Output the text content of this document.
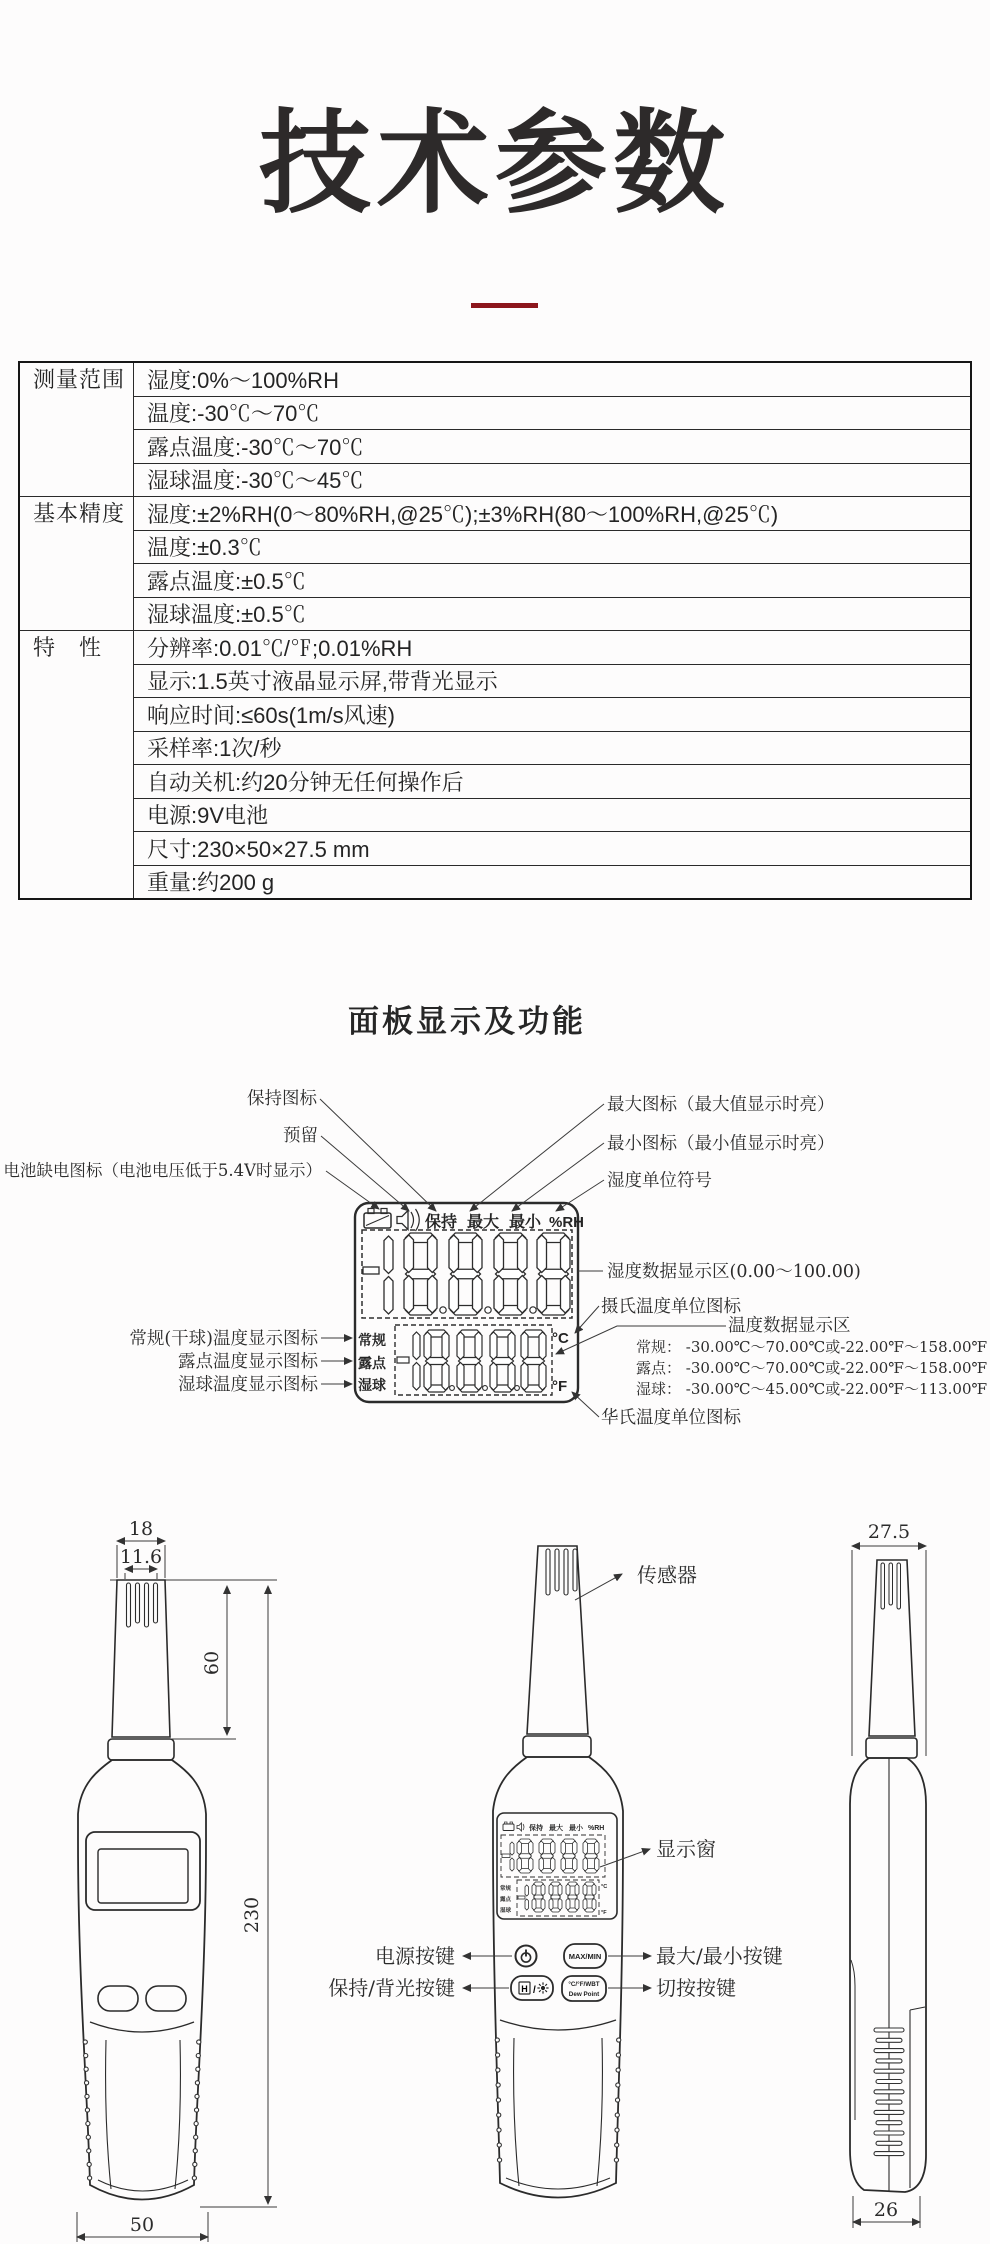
技术参数
测量范围	湿度:0%～100%RH
	温度:-30℃～70℃
	露点温度:-30℃～70℃
	湿球温度:-30℃～45℃
基本精度	湿度:±2%RH(0～80%RH,@25℃);±3%RH(80～100%RH,@25℃)
	温度:±0.3℃
	露点温度:±0.5℃
	湿球温度:±0.5℃
特　性	分辨率:0.01℃/℉;0.01%RH
	显示:1.5英寸液晶显示屏,带背光显示
	响应时间:≤60s(1m/s风速)
	采样率:1次/秒
	自动关机:约20分钟无任何操作后
	电源:9V电池
	尺寸:230×50×27.5 mm
	重量:约200 g
面板显示及功能
保持 最大 最小 %RH
常规
露点
湿球
°C
°F
保持图标
预留
电池缺电图标（电池电压低于5.4V时显示）
常规(干球)温度显示图标
露点温度显示图标
湿球温度显示图标
最大图标（最大值显示时亮）
最小图标（最小值显示时亮）
湿度单位符号
湿度数据显示区(0.00～100.00)
摄氏温度单位图标
温度数据显示区
常规： -30.00℃～70.00℃或-22.00℉～158.00℉
露点： -30.00℃～70.00℃或-22.00℉～158.00℉
湿球： -30.00℃～45.00℃或-22.00℉～113.00℉
华氏温度单位图标
18
11.6
60
230
50
保持 最大 最小 %RH
常规
露点
湿球
°C
°F
MAX/MIN
H /
°C/°F/WBT
Dew Point
传感器
显示窗
电源按键
保持/背光按键
最大/最小按键
切按按键
27.5
26
